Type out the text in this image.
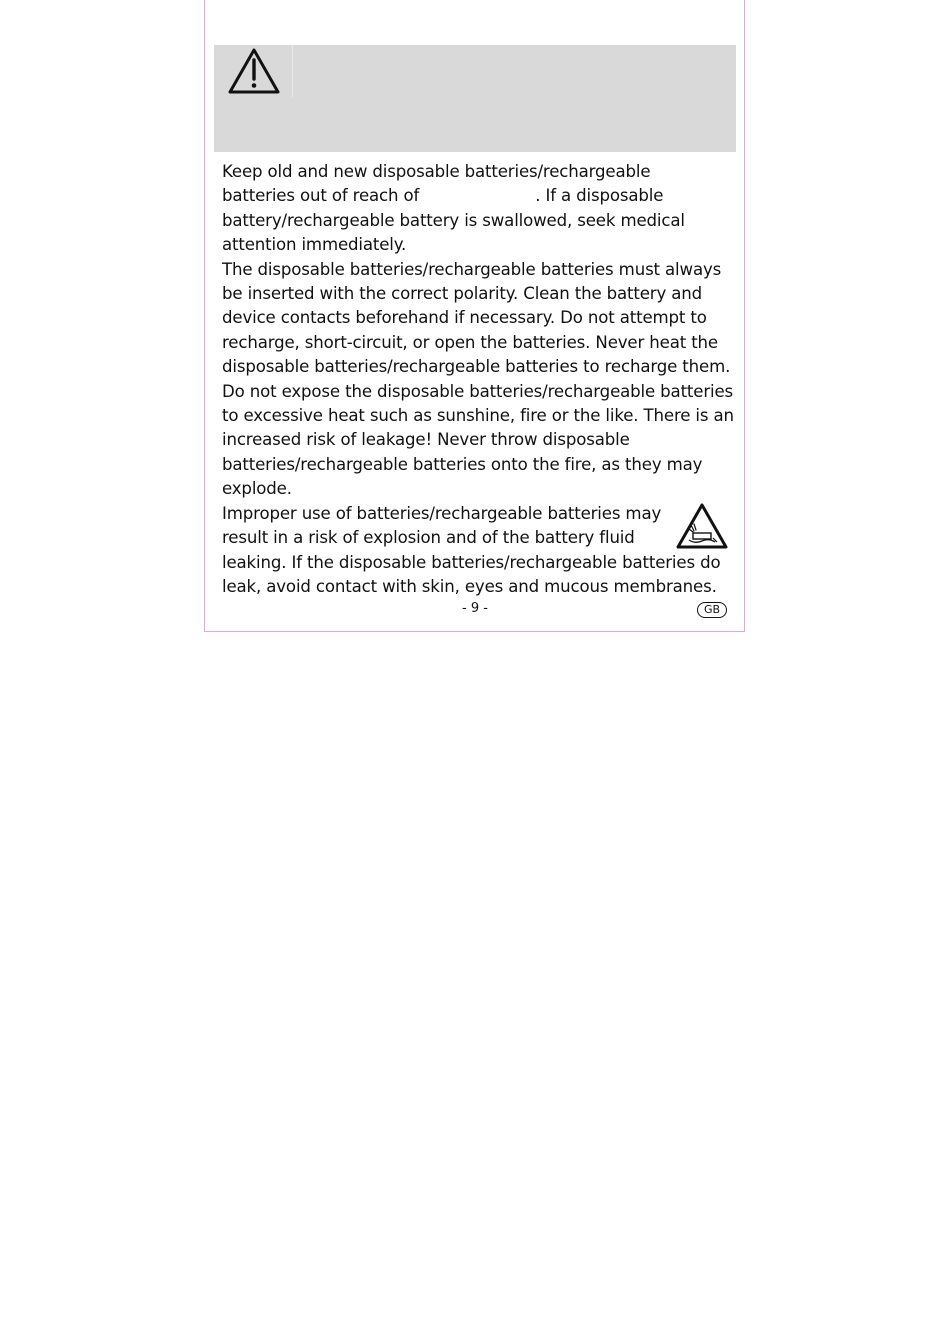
Keep old and new disposable batteries/rechargeable
batteries out of reach of	. If a disposable
battery/rechargeable battery is swallowed, seek medical
attention immediately.
The disposable batteries/rechargeable batteries must always
be inserted with the correct polarity. Clean the battery and
device contacts beforehand if necessary. Do not attempt to
recharge, short-circuit, or open the batteries. Never heat the
disposable batteries/rechargeable batteries to recharge them.
Do not expose the disposable batteries/rechargeable batteries
to excessive heat such as sunshine, fire or the like. There is an
increased risk of leakage! Never throw disposable
batteries/rechargeable batteries onto the fire, as they may
explode.
Improper use of batteries/rechargeable batteries may
result in a risk of explosion and of the battery fluid
leaking. If the disposable batteries/rechargeable batteries do
leak, avoid contact with skin, eyes and mucous membranes.

- 9 -	GB
